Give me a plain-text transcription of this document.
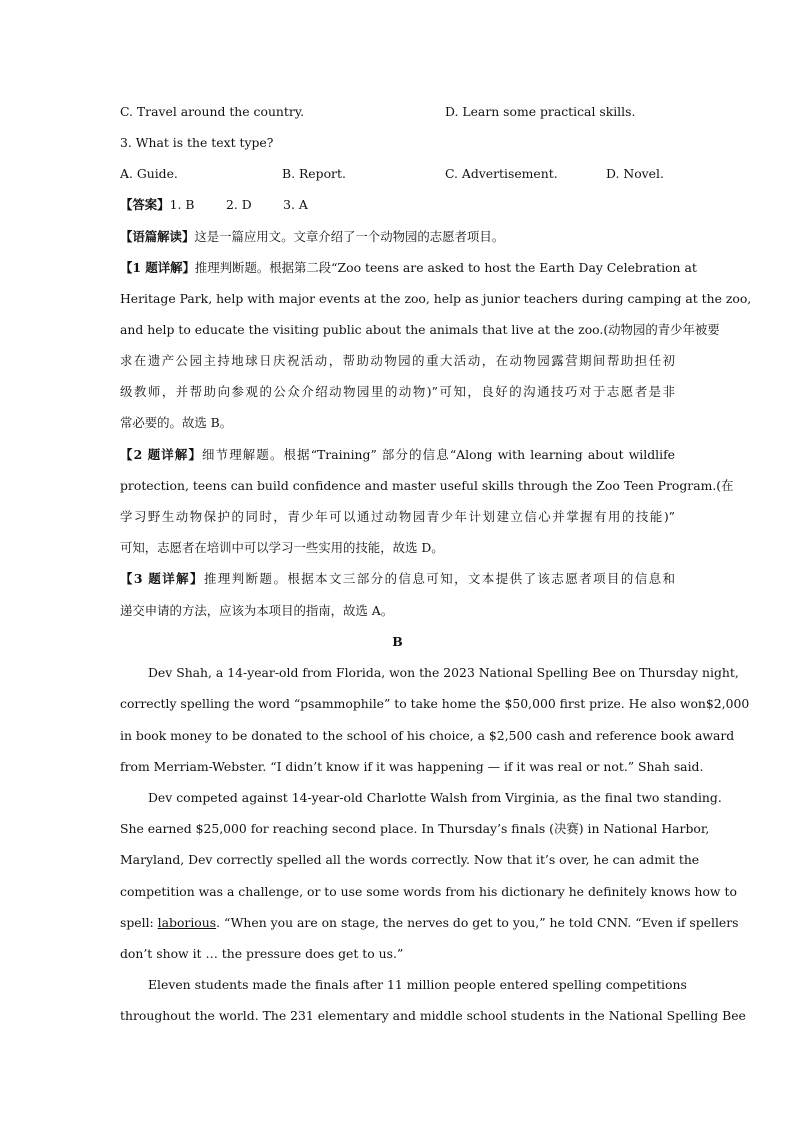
C. Travel around the country.	D. Learn some practical skills.
3. What is the text type?
A. Guide.	B. Report.	C. Advertisement.	D. Novel.
【答案】1. B        2. D        3. A
【语篇解读】这是一篇应用文。文章介绍了一个动物园的志愿者项目。
【1 题详解】推理判断题。根据第二段“Zoo teens are asked to host the Earth Day Celebration at
Heritage Park, help with major events at the zoo, help as junior teachers during camping at the zoo,
and help to educate the visiting public about the animals that live at the zoo.(动物园的青少年被要
求在遗产公园主持地球日庆祝活动，帮助动物园的重大活动，在动物园露营期间帮助担任初
级教师，并帮助向参观的公众介绍动物园里的动物)”可知，良好的沟通技巧对于志愿者是非
常必要的。故选 B。
【2 题详解】细节理解题。根据“Training” 部分的信息“Along with learning about wildlife
protection, teens can build confidence and master useful skills through the Zoo Teen Program.(在
学习野生动物保护的同时，青少年可以通过动物园青少年计划建立信心并掌握有用的技能)”
可知，志愿者在培训中可以学习一些实用的技能，故选 D。
【3 题详解】推理判断题。根据本文三部分的信息可知，文本提供了该志愿者项目的信息和
递交申请的方法，应该为本项目的指南，故选 A。
B
Dev Shah, a 14-year-old from Florida, won the 2023 National Spelling Bee on Thursday night,
correctly spelling the word “psammophile” to take home the $50,000 first prize. He also won$2,000
in book money to be donated to the school of his choice, a $2,500 cash and reference book award
from Merriam-Webster. “I didn’t know if it was happening — if it was real or not.” Shah said.
Dev competed against 14-year-old Charlotte Walsh from Virginia, as the final two standing.
She earned $25,000 for reaching second place. In Thursday’s finals (决赛) in National Harbor,
Maryland, Dev correctly spelled all the words correctly. Now that it’s over, he can admit the
competition was a challenge, or to use some words from his dictionary he definitely knows how to
spell: laborious. “When you are on stage, the nerves do get to you,” he told CNN. “Even if spellers
don’t show it … the pressure does get to us.”
Eleven students made the finals after 11 million people entered spelling competitions
throughout the world. The 231 elementary and middle school students in the National Spelling Bee
